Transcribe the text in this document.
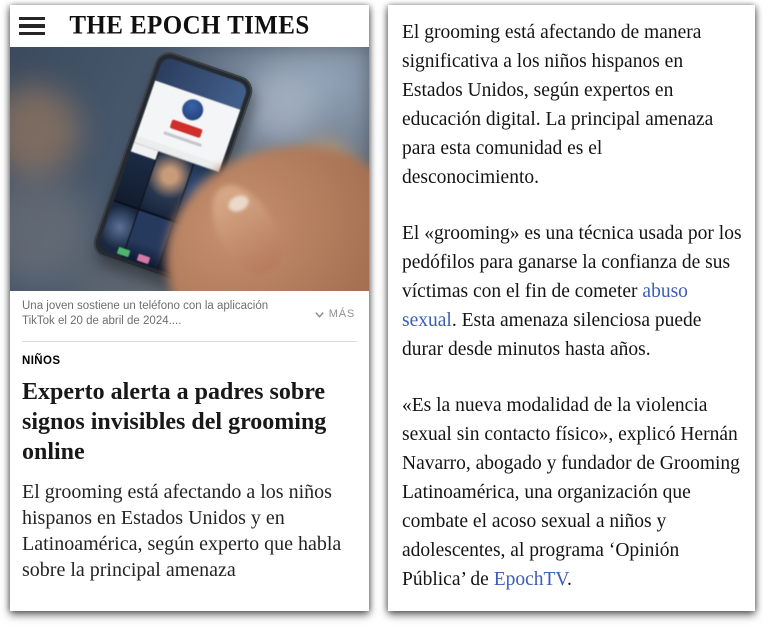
THE EPOCH TIMES
Una joven sostiene un teléfono con la aplicación TikTok el 20 de abril de 2024....
MÁS
NIÑOS
Experto alerta a padres sobre signos invisibles del grooming online

El grooming está afectando a los niños hispanos en Estados Unidos y en Latinoamérica, según experto que habla sobre la principal amenaza

El grooming está afectando de manera significativa a los niños hispanos en Estados Unidos, según expertos en educación digital. La principal amenaza para esta comunidad es el desconocimiento.

El «grooming» es una técnica usada por los pedófilos para ganarse la confianza de sus víctimas con el fin de cometer abuso sexual. Esta amenaza silenciosa puede durar desde minutos hasta años.

«Es la nueva modalidad de la violencia sexual sin contacto físico», explicó Hernán Navarro, abogado y fundador de Grooming Latinoamérica, una organización que combate el acoso sexual a niños y adolescentes, al programa ‘Opinión Pública’ de EpochTV.
